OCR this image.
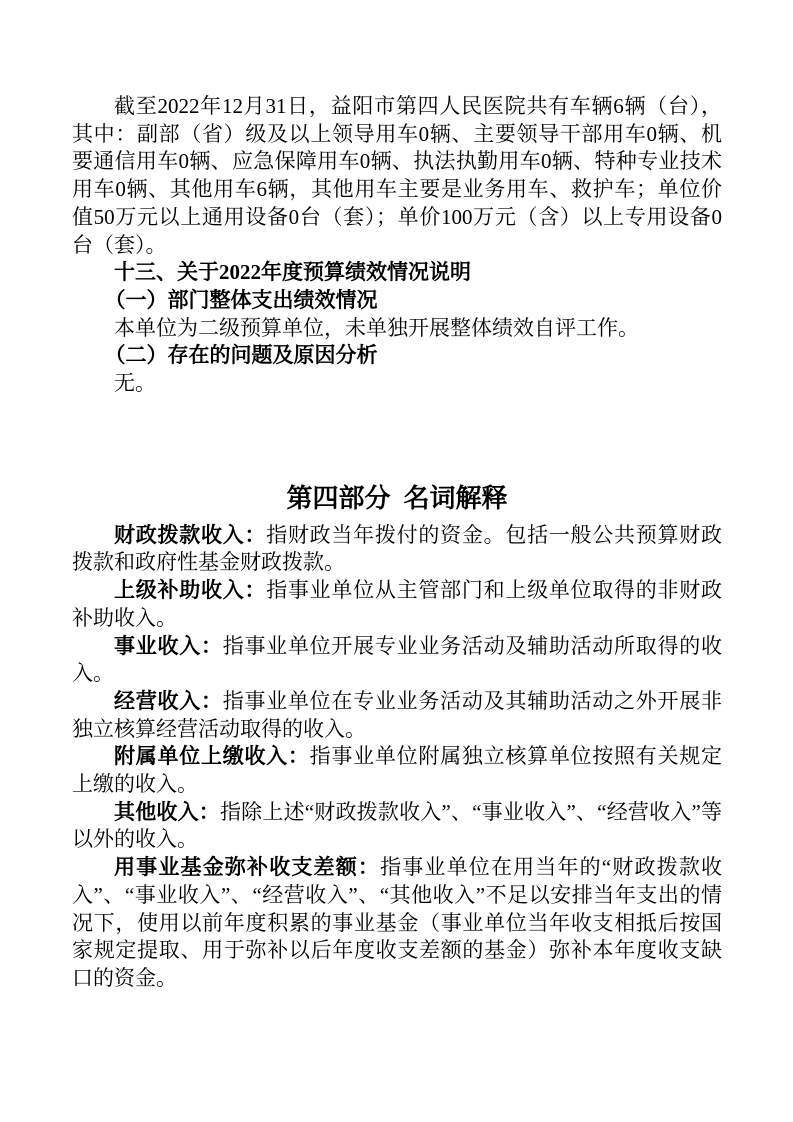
截至2022年12月31日，益阳市第四人民医院共有车辆6辆（台），其中：副部（省）级及以上领导用车0辆、主要领导干部用车0辆、机要通信用车0辆、应急保障用车0辆、执法执勤用车0辆、特种专业技术用车0辆、其他用车6辆，其他用车主要是业务用车、救护车；单位价值50万元以上通用设备0台（套）；单价100万元（含）以上专用设备0台（套）。

十三、关于2022年度预算绩效情况说明

（一）部门整体支出绩效情况

本单位为二级预算单位，未单独开展整体绩效自评工作。

（二）存在的问题及原因分析

无。

第四部分 名词解释

财政拨款收入：指财政当年拨付的资金。包括一般公共预算财政拨款和政府性基金财政拨款。

上级补助收入：指事业单位从主管部门和上级单位取得的非财政补助收入。

事业收入：指事业单位开展专业业务活动及辅助活动所取得的收入。

经营收入：指事业单位在专业业务活动及其辅助活动之外开展非独立核算经营活动取得的收入。

附属单位上缴收入：指事业单位附属独立核算单位按照有关规定上缴的收入。

其他收入：指除上述“财政拨款收入”、“事业收入”、“经营收入”等以外的收入。

用事业基金弥补收支差额：指事业单位在用当年的“财政拨款收入”、“事业收入”、“经营收入”、“其他收入”不足以安排当年支出的情况下，使用以前年度积累的事业基金（事业单位当年收支相抵后按国家规定提取、用于弥补以后年度收支差额的基金）弥补本年度收支缺口的资金。
